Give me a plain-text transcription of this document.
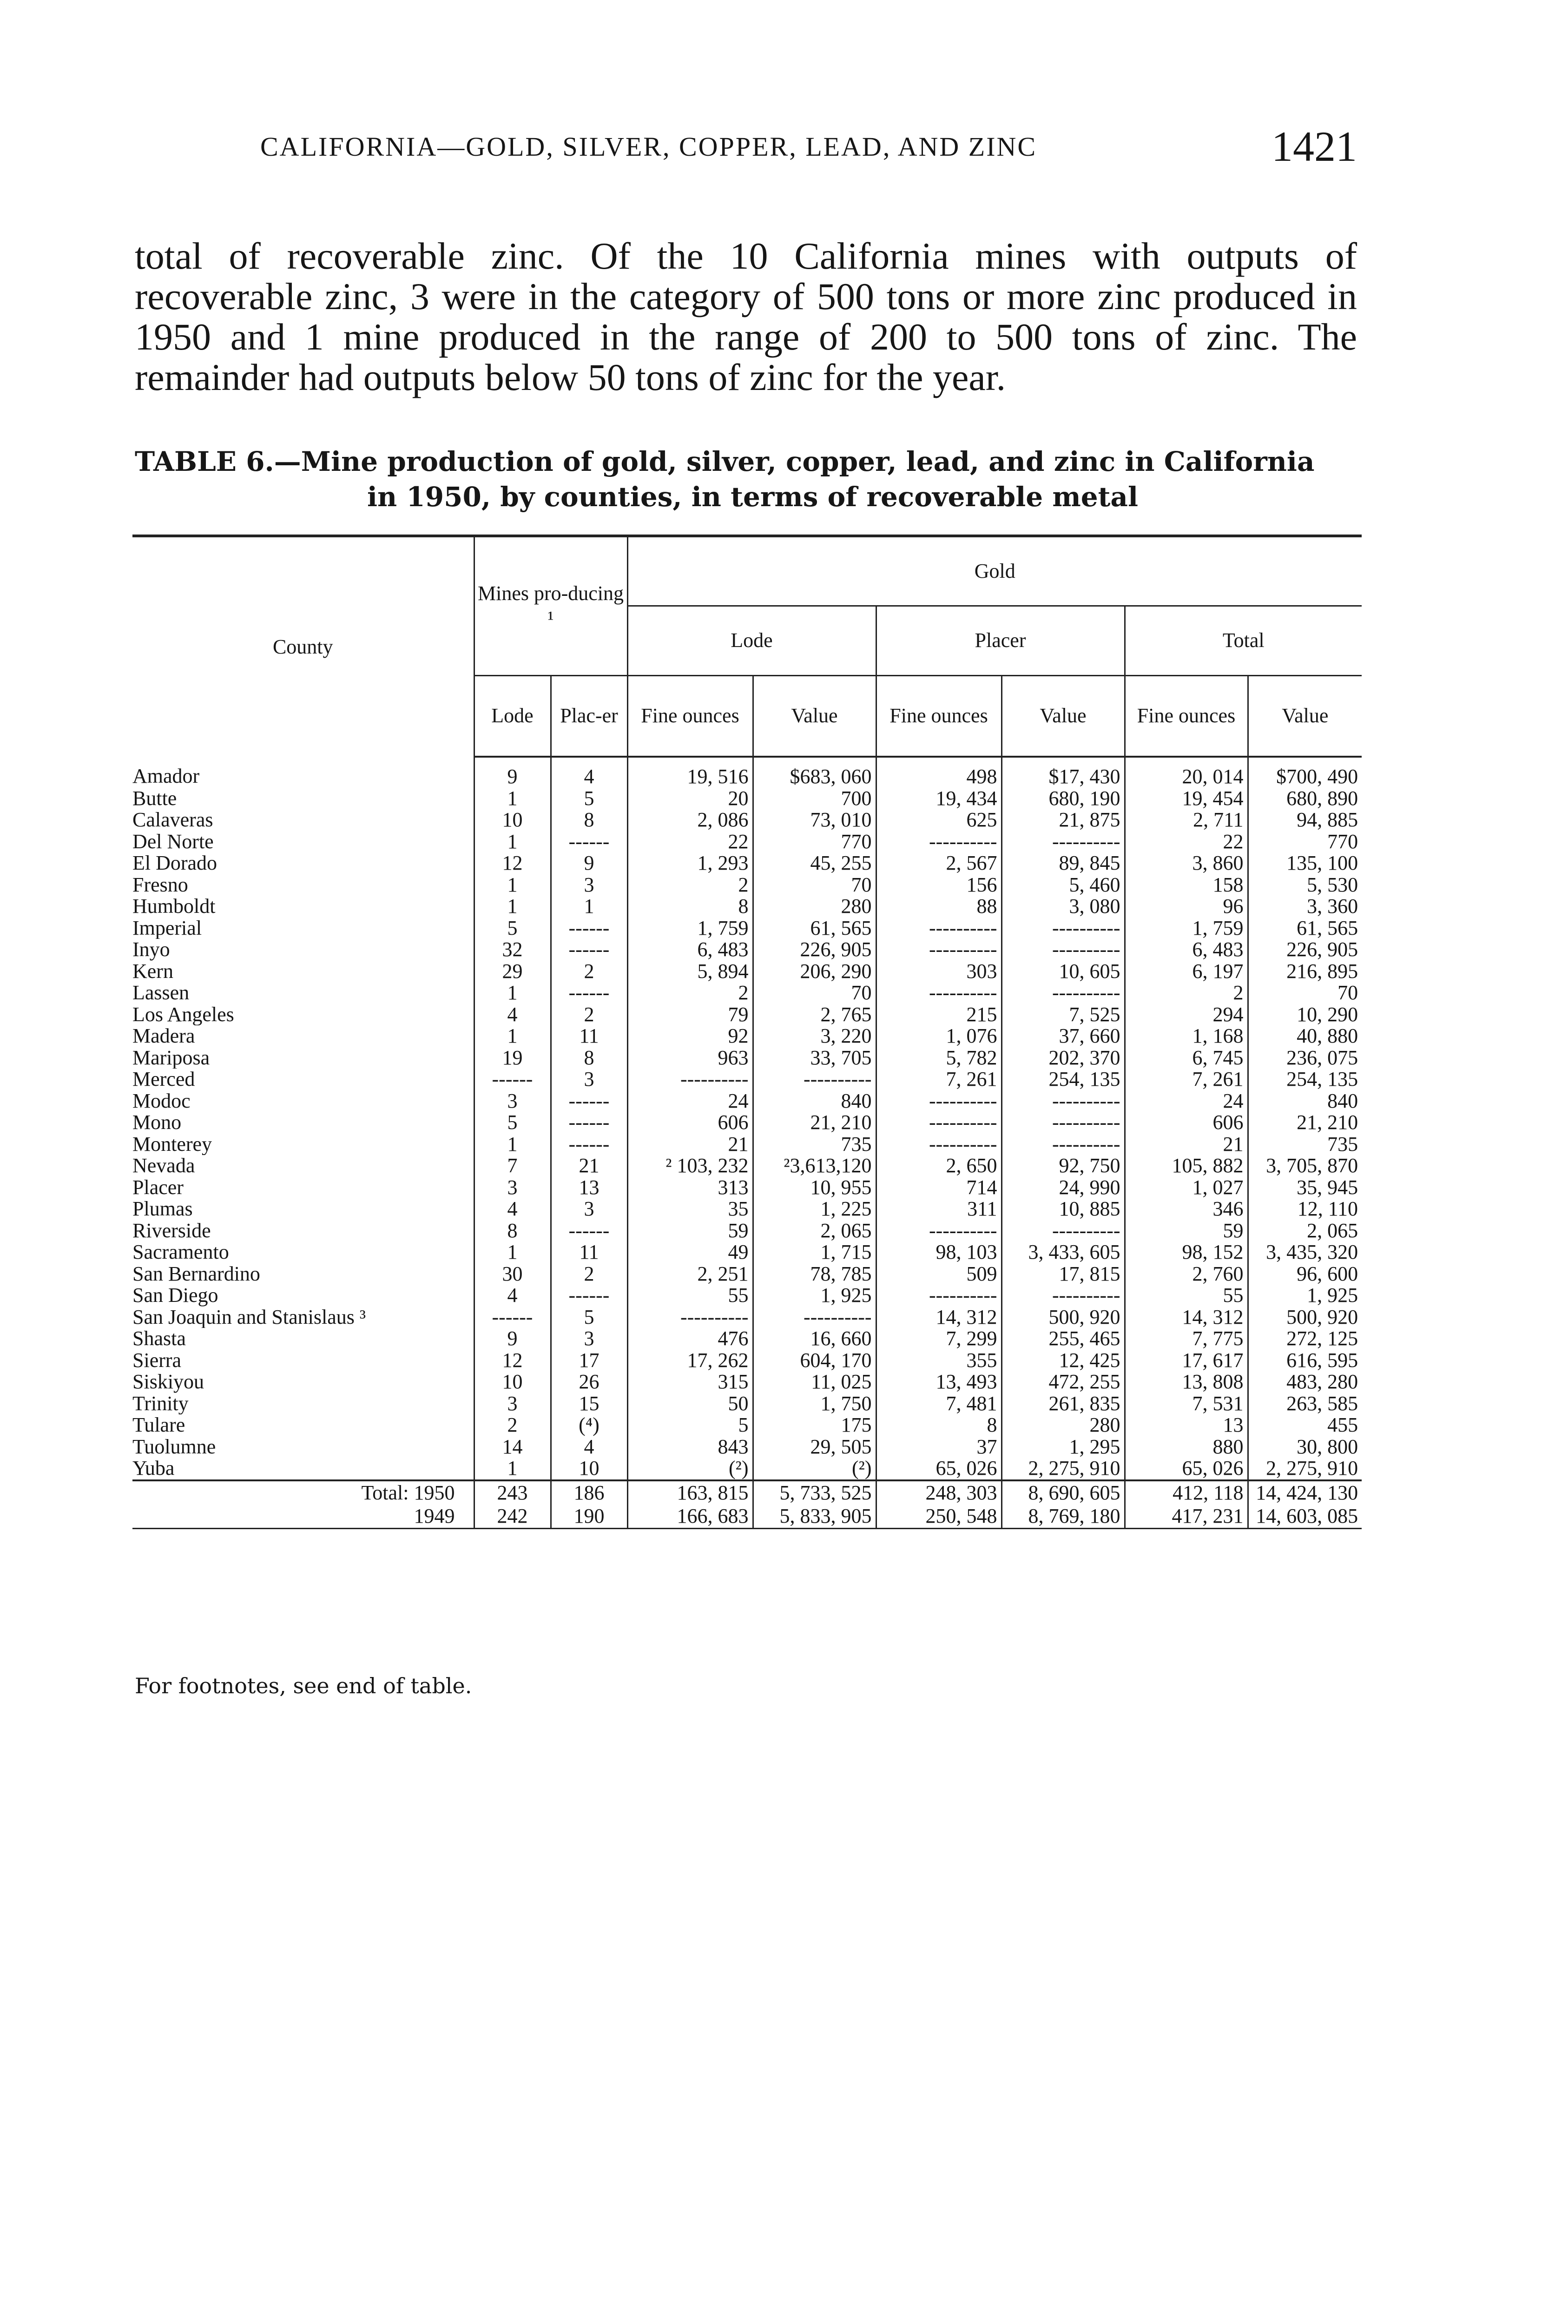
CALIFORNIA—GOLD, SILVER, COPPER, LEAD, AND ZINC	1421

total of recoverable zinc. Of the 10 California mines with outputs of recoverable zinc, 3 were in the category of 500 tons or more zinc produced in 1950 and 1 mine produced in the range of 200 to 500 tons of zinc. The remainder had outputs below 50 tons of zinc for the year.

TABLE 6.—Mine production of gold, silver, copper, lead, and zinc in California
in 1950, by counties, in terms of recoverable metal
County	Mines pro-ducing ¹		Gold					
			Lode		Placer		Total	
	Lode	Plac-er	Fine ounces	Value	Fine ounces	Value	Fine ounces	Value
Amador	9	4	19, 516	$683, 060	498	$17, 430	20, 014	$700, 490
Butte	1	5	20	700	19, 434	680, 190	19, 454	680, 890
Calaveras	10	8	2, 086	73, 010	625	21, 875	2, 711	94, 885
Del Norte	1	------	22	770	----------	----------	22	770
El Dorado	12	9	1, 293	45, 255	2, 567	89, 845	3, 860	135, 100
Fresno	1	3	2	70	156	5, 460	158	5, 530
Humboldt	1	1	8	280	88	3, 080	96	3, 360
Imperial	5	------	1, 759	61, 565	----------	----------	1, 759	61, 565
Inyo	32	------	6, 483	226, 905	----------	----------	6, 483	226, 905
Kern	29	2	5, 894	206, 290	303	10, 605	6, 197	216, 895
Lassen	1	------	2	70	----------	----------	2	70
Los Angeles	4	2	79	2, 765	215	7, 525	294	10, 290
Madera	1	11	92	3, 220	1, 076	37, 660	1, 168	40, 880
Mariposa	19	8	963	33, 705	5, 782	202, 370	6, 745	236, 075
Merced	------	3	----------	----------	7, 261	254, 135	7, 261	254, 135
Modoc	3	------	24	840	----------	----------	24	840
Mono	5	------	606	21, 210	----------	----------	606	21, 210
Monterey	1	------	21	735	----------	----------	21	735
Nevada	7	21	² 103, 232	²3,613,120	2, 650	92, 750	105, 882	3, 705, 870
Placer	3	13	313	10, 955	714	24, 990	1, 027	35, 945
Plumas	4	3	35	1, 225	311	10, 885	346	12, 110
Riverside	8	------	59	2, 065	----------	----------	59	2, 065
Sacramento	1	11	49	1, 715	98, 103	3, 433, 605	98, 152	3, 435, 320
San Bernardino	30	2	2, 251	78, 785	509	17, 815	2, 760	96, 600
San Diego	4	------	55	1, 925	----------	----------	55	1, 925
San Joaquin and Stanislaus ³	------	5	----------	----------	14, 312	500, 920	14, 312	500, 920
Shasta	9	3	476	16, 660	7, 299	255, 465	7, 775	272, 125
Sierra	12	17	17, 262	604, 170	355	12, 425	17, 617	616, 595
Siskiyou	10	26	315	11, 025	13, 493	472, 255	13, 808	483, 280
Trinity	3	15	50	1, 750	7, 481	261, 835	7, 531	263, 585
Tulare	2	(⁴)	5	175	8	280	13	455
Tuolumne	14	4	843	29, 505	37	1, 295	880	30, 800
Yuba	1	10	(²)	(²)	65, 026	2, 275, 910	65, 026	2, 275, 910
Total: 1950	243	186	163, 815	5, 733, 525	248, 303	8, 690, 605	412, 118	14, 424, 130
1949	242	190	166, 683	5, 833, 905	250, 548	8, 769, 180	417, 231	14, 603, 085
For footnotes, see end of table.
